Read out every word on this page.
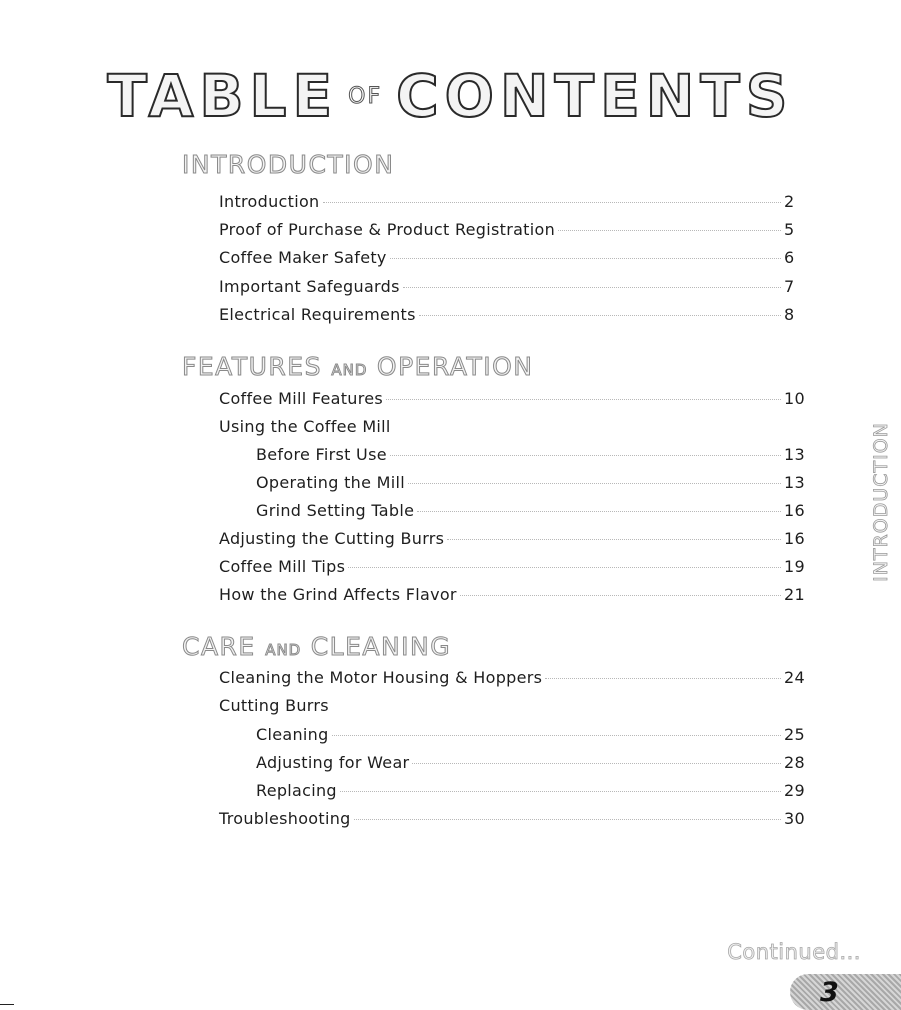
TABLE OF CONTENTS
INTRODUCTION
Introduction	2
Proof of Purchase & Product Registration	5
Coffee Maker Safety	6
Important Safeguards	7
Electrical Requirements	8
FEATURES AND OPERATION
Coffee Mill Features	10
Using the Coffee Mill
Before First Use	13
Operating the Mill	13
Grind Setting Table	16
Adjusting the Cutting Burrs	16
Coffee Mill Tips	19
How the Grind Affects Flavor	21
CARE AND CLEANING
Cleaning the Motor Housing & Hoppers	24
Cutting Burrs
Cleaning	25
Adjusting for Wear	28
Replacing	29
Troubleshooting	30
INTRODUCTION
Continued...
3
